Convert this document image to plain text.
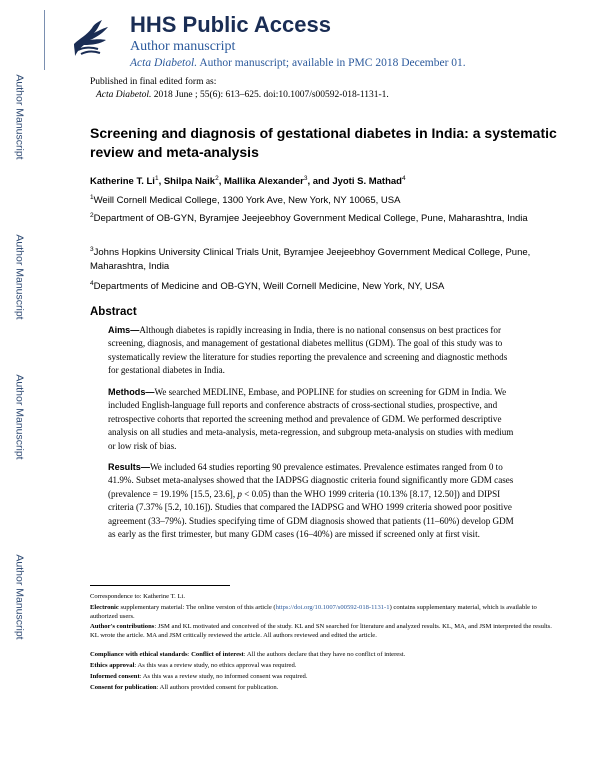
Author Manuscript
Author Manuscript
Author Manuscript
Author Manuscript
HHS Public Access
Author manuscript
Acta Diabetol. Author manuscript; available in PMC 2018 December 01.
Published in final edited form as:
Acta Diabetol. 2018 June ; 55(6): 613–625. doi:10.1007/s00592-018-1131-1.
Screening and diagnosis of gestational diabetes in India: a systematic review and meta-analysis
Katherine T. Li$^1$, Shilpa Naik$^2$, Mallika Alexander$^3$, and Jyoti S. Mathad$^4$
$^1$Weill Cornell Medical College, 1300 York Ave, New York, NY 10065, USA
$^2$Department of OB-GYN, Byramjee Jeejeebhoy Government Medical College, Pune, Maharashtra, India
$^3$Johns Hopkins University Clinical Trials Unit, Byramjee Jeejeebhoy Government Medical College, Pune, Maharashtra, India
$^4$Departments of Medicine and OB-GYN, Weill Cornell Medicine, New York, NY, USA
Abstract
Aims—Although diabetes is rapidly increasing in India, there is no national consensus on best practices for screening, diagnosis, and management of gestational diabetes mellitus (GDM). The goal of this study was to systematically review the literature for studies reporting the prevalence and screening and diagnostic methods for gestational diabetes in India.
Methods—We searched MEDLINE, Embase, and POPLINE for studies on screening for GDM in India. We included English-language full reports and conference abstracts of cross-sectional studies, prospective, and retrospective cohorts that reported the screening method and prevalence of GDM. We performed descriptive analysis on all studies and meta-analysis, meta-regression, and subgroup meta-analysis on studies with medium or low risk of bias.
Results—We included 64 studies reporting 90 prevalence estimates. Prevalence estimates ranged from 0 to 41.9%. Subset meta-analyses showed that the IADPSG diagnostic criteria found significantly more GDM cases (prevalence = 19.19% [15.5, 23.6], p < 0.05) than the WHO 1999 criteria (10.13% [8.17, 12.50]) and DIPSI criteria (7.37% [5.2, 10.16]). Studies that compared the IADPSG and WHO 1999 criteria showed poor positive agreement (33–79%). Studies specifying time of GDM diagnosis showed that patients (11–60%) develop GDM as early as the first trimester, but many GDM cases (16–40%) are missed if screened only at first visit.
Correspondence to: Katherine T. Li.
Electronic supplementary material: The online version of this article (https://doi.org/10.1007/s00592-018-1131-1) contains supplementary material, which is available to authorized users.
Author's contributions: JSM and KL motivated and conceived of the study. KL and SN searched for literature and analyzed results. KL, MA, and JSM interpreted the results. KL wrote the article. MA and JSM critically reviewed the article. All authors reviewed and edited the article.
Compliance with ethical standards: Conflict of interest: All the authors declare that they have no conflict of interest.
Ethics approval: As this was a review study, no ethics approval was required.
Informed consent: As this was a review study, no informed consent was required.
Consent for publication: All authors provided consent for publication.
